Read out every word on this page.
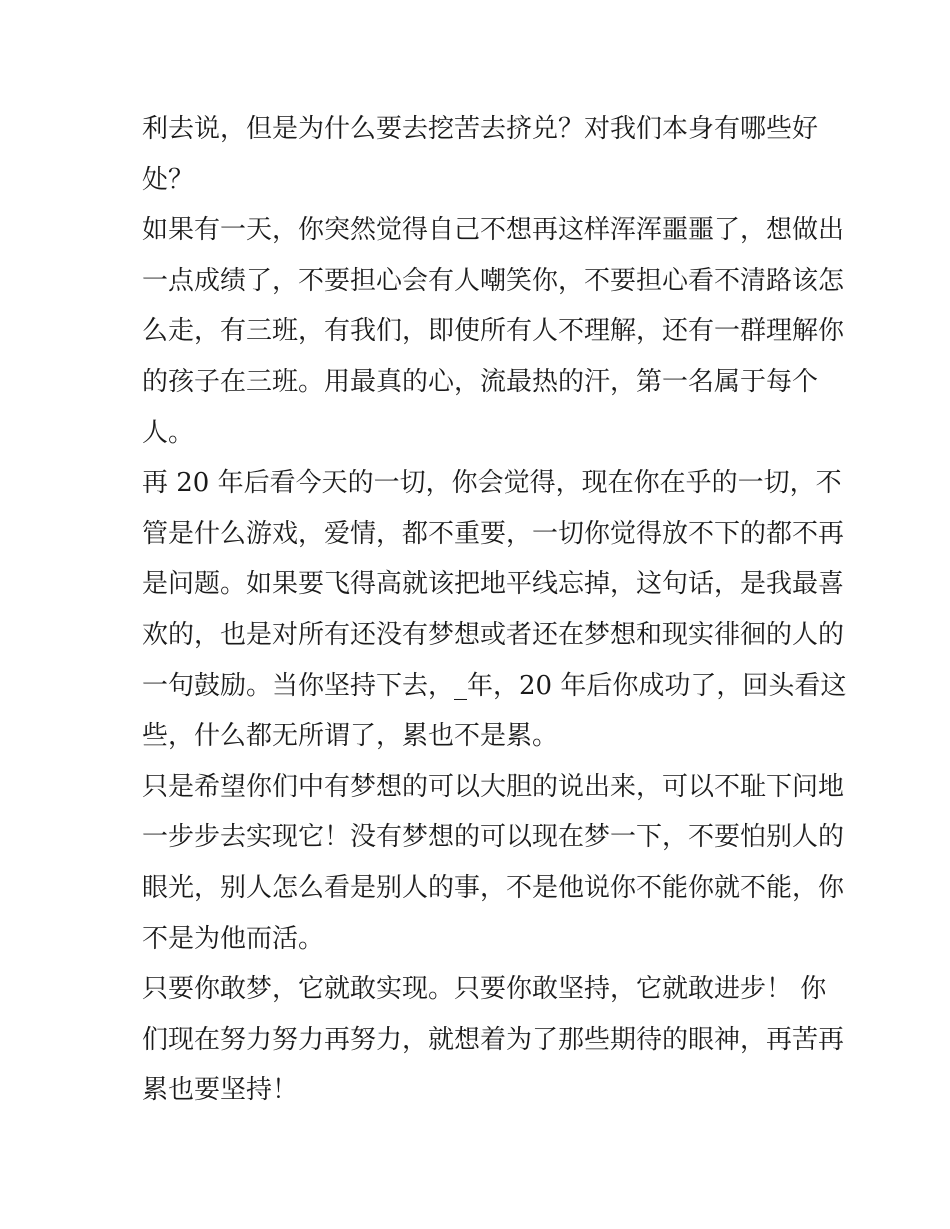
利去说，但是为什么要去挖苦去挤兑？对我们本身有哪些好
处？
如果有一天，你突然觉得自己不想再这样浑浑噩噩了，想做出
一点成绩了，不要担心会有人嘲笑你，不要担心看不清路该怎
么走，有三班，有我们，即使所有人不理解，还有一群理解你
的孩子在三班。用最真的心，流最热的汗，第一名属于每个
人。
再 20 年后看今天的一切，你会觉得，现在你在乎的一切，不
管是什么游戏，爱情，都不重要，一切你觉得放不下的都不再
是问题。如果要飞得高就该把地平线忘掉，这句话，是我最喜
欢的，也是对所有还没有梦想或者还在梦想和现实徘徊的人的
一句鼓励。当你坚持下去，_年，20 年后你成功了，回头看这
些，什么都无所谓了，累也不是累。
只是希望你们中有梦想的可以大胆的说出来，可以不耻下问地
一步步去实现它！没有梦想的可以现在梦一下，不要怕别人的
眼光，别人怎么看是别人的事，不是他说你不能你就不能，你
不是为他而活。
只要你敢梦，它就敢实现。只要你敢坚持，它就敢进步！ 你
们现在努力努力再努力，就想着为了那些期待的眼神，再苦再
累也要坚持！
